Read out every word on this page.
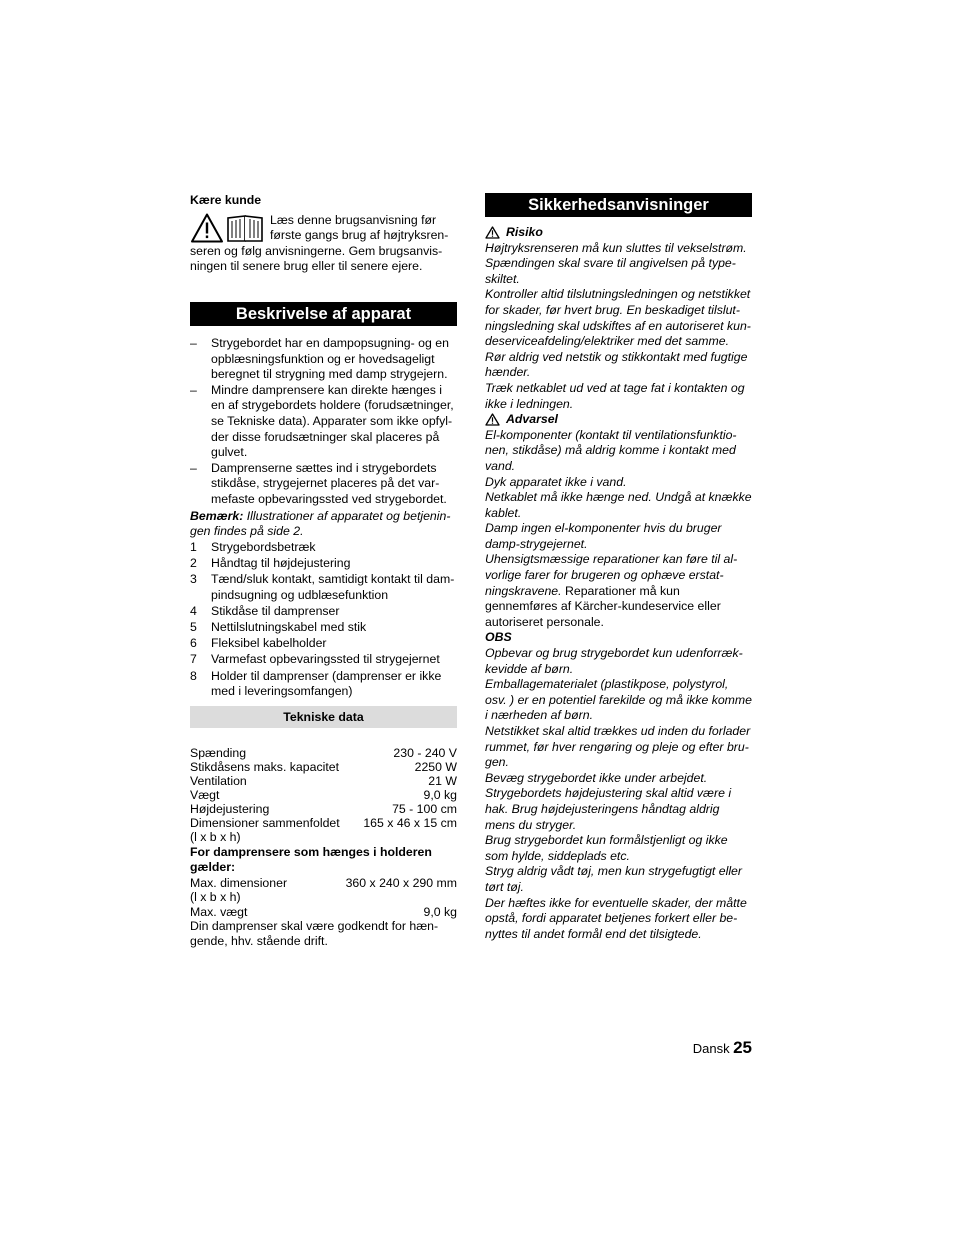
Kære kunde

Læs denne brugsanvisning før
første gangs brug af højtryksren-
seren og følg anvisningerne. Gem brugsanvis-
ningen til senere brug eller til senere ejere.
Beskrivelse af apparat
– Strygebordet har en dampopsugning- og en opblæsningsfunktion og er hovedsageligt beregnet til strygning med damp strygejern.
– Mindre damprensere kan direkte hænges i en af strygebordets holdere (forudsætninger, se Tekniske data). Apparater som ikke opfyl- der disse forudsætninger skal placeres på gulvet.
– Damprenserne sættes ind i strygebordets stikdåse, strygejernet placeres på det var- mefaste opbevaringssted ved strygebordet.

Bemærk: Illustrationer af apparatet og betjenin- gen findes på side 2.

1 Strygebordsbetræk
2 Håndtag til højdejustering
3 Tænd/sluk kontakt, samtidigt kontakt til dam- pindsugning og udblæsefunktion
4 Stikdåse til damprenser
5 Nettilslutningskabel med stik
6 Fleksibel kabelholder
7 Varmefast opbevaringssted til strygejernet
8 Holder til damprenser (damprenser er ikke med i leveringsomfangen)
Tekniske data
Spænding	230 - 240 V
Stikdåsens maks. kapacitet	2250 W
Ventilation	21 W
Vægt	9,0 kg
Højdejustering	75 - 100 cm
Dimensioner sammenfoldet 165 x 46 x 15 cm
(l x b x h)
For damprensere som hænges i holderen gælder:
Max. dimensioner	360 x 240 x 290 mm
(l x b x h)
Max. vægt	9,0 kg
Din damprenser skal være godkendt for hæn- gende, hhv. stående drift.
Sikkerhedsanvisninger

Risiko

Højtryksrenseren må kun sluttes til vekselstrøm. Spændingen skal svare til angivelsen på type- skiltet.

Kontroller altid tilslutningsledningen og netstikket for skader, før hvert brug. En beskadiget tilslut- ningsledning skal udskiftes af en autoriseret kun- deserviceafdeling/elektriker med det samme.

Rør aldrig ved netstik og stikkontakt med fugtige hænder.

Træk netkablet ud ved at tage fat i kontakten og ikke i ledningen.

Advarsel

El-komponenter (kontakt til ventilationsfunktio- nen, stikdåse) må aldrig komme i kontakt med vand.

Dyk apparatet ikke i vand.

Netkablet må ikke hænge ned. Undgå at knække kablet.

Damp ingen el-komponenter hvis du bruger damp-strygejernet.

Uhensigtsmæssige reparationer kan føre til al- vorlige farer for brugeren og ophæve erstat- ningskravene. Reparationer må kun gennemføres af Kärcher-kundeservice eller autoriseret personale.

OBS

Opbevar og brug strygebordet kun udenforræk- kevidde af børn.

Emballagematerialet (plastikpose, polystyrol, osv. ) er en potentiel farekilde og må ikke komme i nærheden af børn.

Netstikket skal altid trækkes ud inden du forlader rummet, før hver rengøring og pleje og efter bru- gen.

Bevæg strygebordet ikke under arbejdet.

Strygebordets højdejustering skal altid være i hak. Brug højdejusteringens håndtag aldrig mens du stryger.

Brug strygebordet kun formålstjenligt og ikke som hylde, siddeplads etc.

Stryg aldrig vådt tøj, men kun strygefugtigt eller tørt tøj.

Der hæftes ikke for eventuelle skader, der måtte opstå, fordi apparatet betjenes forkert eller be- nyttes til andet formål end det tilsigtede.

Dansk 25
